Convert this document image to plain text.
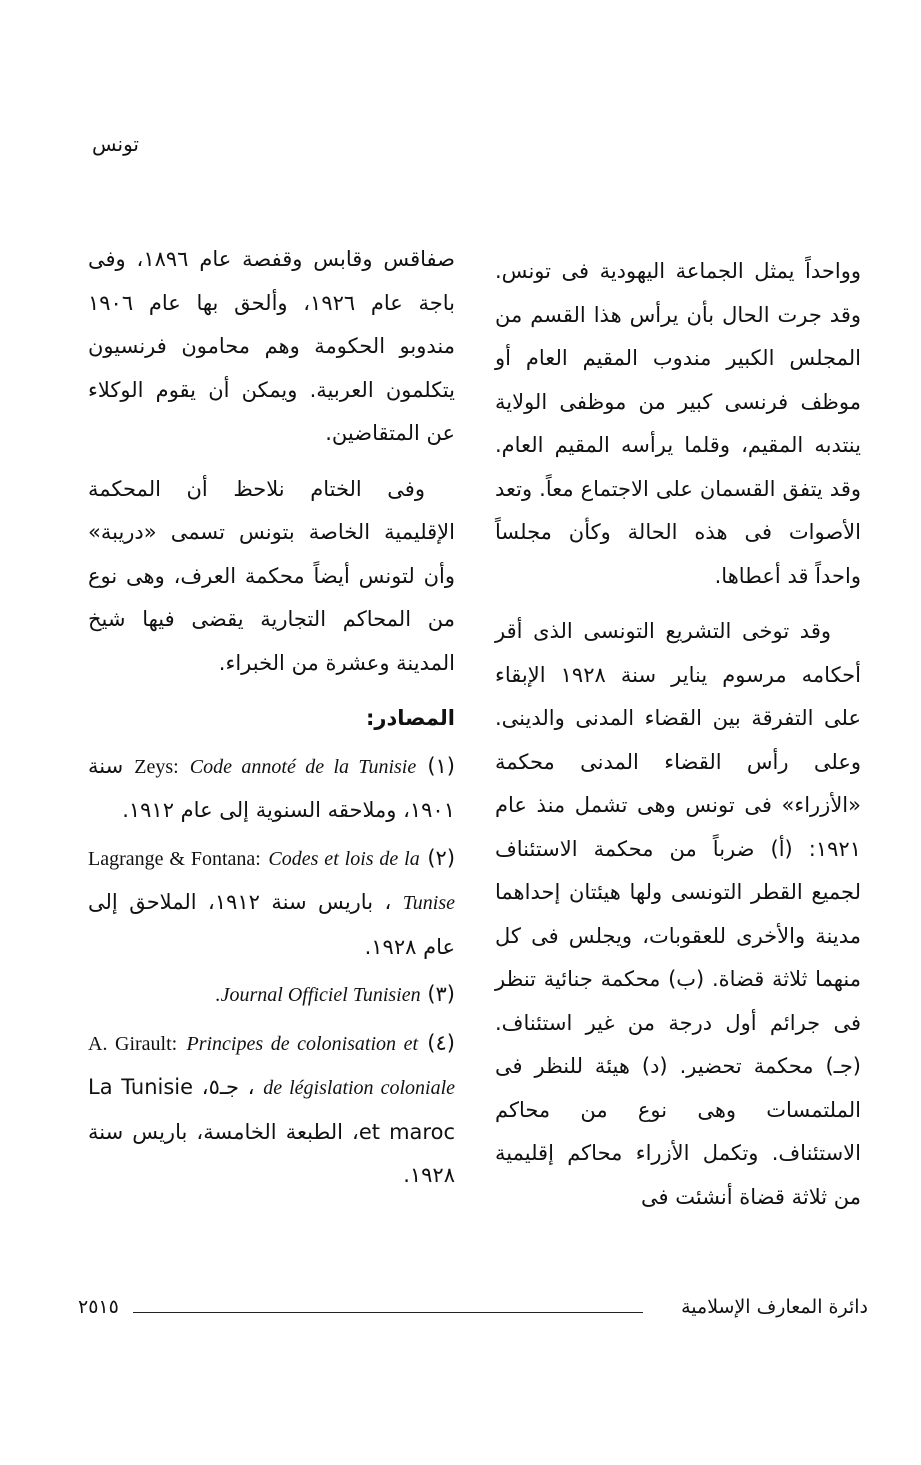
تونس

وواحداً يمثل الجماعة اليهودية فى تونس. وقد جرت الحال بأن يرأس هذا القسم من المجلس الكبير مندوب المقيم العام أو موظف فرنسى كبير من موظفى الولاية ينتدبه المقيم، وقلما يرأسه المقيم العام. وقد يتفق القسمان على الاجتماع معاً. وتعد الأصوات فى هذه الحالة وكأن مجلساً واحداً قد أعطاها.

وقد توخى التشريع التونسى الذى أقر أحكامه مرسوم يناير سنة ١٩٢٨ الإبقاء على التفرقة بين القضاء المدنى والدينى. وعلى رأس القضاء المدنى محكمة «الأزراء» فى تونس وهى تشمل منذ عام ١٩٢١: (أ) ضرباً من محكمة الاستئناف لجميع القطر التونسى ولها هيئتان إحداهما مدينة والأخرى للعقوبات، ويجلس فى كل منهما ثلاثة قضاة. (ب) محكمة جنائية تنظر فى جرائم أول درجة من غير استئناف. (جـ) محكمة تحضير. (د) هيئة للنظر فى الملتمسات وهى نوع من محاكم الاستئناف. وتكمل الأزراء محاكم إقليمية من ثلاثة قضاة أنشئت فى

صفاقس وقابس وقفصة عام ١٨٩٦، وفى باجة عام ١٩٢٦، وألحق بها عام ١٩٠٦ مندوبو الحكومة وهم محامون فرنسيون يتكلمون العربية. ويمكن أن يقوم الوكلاء عن المتقاضين.

وفى الختام نلاحظ أن المحكمة الإقليمية الخاصة بتونس تسمى «دريبة» وأن لتونس أيضاً محكمة العرف، وهى نوع من المحاكم التجارية يقضى فيها شيخ المدينة وعشرة من الخبراء.

المصادر:

(١) Zeys: Code annoté de la Tunisie سنة ١٩٠١، وملاحقه السنوية إلى عام ١٩١٢.

(٢) Lagrange & Fontana: Codes et lois de la Tunise ، باريس سنة ١٩١٢، الملاحق إلى عام ١٩٢٨.

(٣) Journal Officiel Tunisien.

(٤) A. Girault: Principes de colonisation et de législation coloniale ، جـ٥، La Tunisie et maroc، الطبعة الخامسة، باريس سنة ١٩٢٨.

٢٥١٥	دائرة المعارف الإسلامية
